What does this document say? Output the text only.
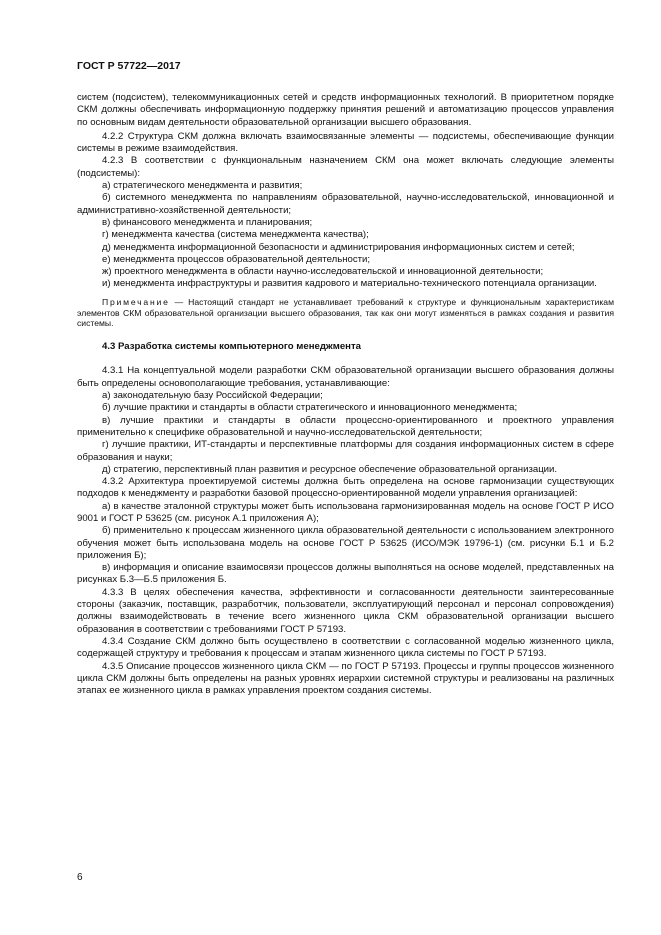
ГОСТ Р 57722—2017

систем (подсистем), телекоммуникационных сетей и средств информационных технологий. В приоритетном порядке СКМ должны обеспечивать информационную поддержку принятия решений и автоматизацию процессов управления по основным видам деятельности образовательной организации высшего образования.

4.2.2 Структура СКМ должна включать взаимосвязанные элементы — подсистемы, обеспечивающие функции системы в режиме взаимодействия.

4.2.3 В соответствии с функциональным назначением СКМ она может включать следующие элементы (подсистемы):

а) стратегического менеджмента и развития;

б) системного менеджмента по направлениям образовательной, научно-исследовательской, инновационной и административно-хозяйственной деятельности;

в) финансового менеджмента и планирования;

г) менеджмента качества (система менеджмента качества);

д) менеджмента информационной безопасности и администрирования информационных систем и сетей;

е) менеджмента процессов образовательной деятельности;

ж) проектного менеджмента в области научно-исследовательской и инновационной деятельности;

и) менеджмента инфраструктуры и развития кадрового и материально-технического потенциала организации.

Примечание — Настоящий стандарт не устанавливает требований к структуре и функциональным характеристикам элементов СКМ образовательной организации высшего образования, так как они могут изменяться в рамках создания и развития системы.

4.3 Разработка системы компьютерного менеджмента

4.3.1 На концептуальной модели разработки СКМ образовательной организации высшего образования должны быть определены основополагающие требования, устанавливающие:

а) законодательную базу Российской Федерации;

б) лучшие практики и стандарты в области стратегического и инновационного менеджмента;

в) лучшие практики и стандарты в области процессно-ориентированного и проектного управления применительно к специфике образовательной и научно-исследовательской деятельности;

г) лучшие практики, ИТ-стандарты и перспективные платформы для создания информационных систем в сфере образования и науки;

д) стратегию, перспективный план развития и ресурсное обеспечение образовательной организации.

4.3.2 Архитектура проектируемой системы должна быть определена на основе гармонизации существующих подходов к менеджменту и разработки базовой процессно-ориентированной модели управления организацией:

а) в качестве эталонной структуры может быть использована гармонизированная модель на основе ГОСТ Р ИСО 9001 и ГОСТ Р 53625 (см. рисунок А.1 приложения А);

б) применительно к процессам жизненного цикла образовательной деятельности с использованием электронного обучения может быть использована модель на основе ГОСТ Р 53625 (ИСО/МЭК 19796-1) (см. рисунки Б.1 и Б.2 приложения Б);

в) информация и описание взаимосвязи процессов должны выполняться на основе моделей, представленных на рисунках Б.3—Б.5 приложения Б.

4.3.3 В целях обеспечения качества, эффективности и согласованности деятельности заинтересованные стороны (заказчик, поставщик, разработчик, пользователи, эксплуатирующий персонал и персонал сопровождения) должны взаимодействовать в течение всего жизненного цикла СКМ образовательной организации высшего образования в соответствии с требованиями ГОСТ Р 57193.

4.3.4 Создание СКМ должно быть осуществлено в соответствии с согласованной моделью жизненного цикла, содержащей структуру и требования к процессам и этапам жизненного цикла системы по ГОСТ Р 57193.

4.3.5 Описание процессов жизненного цикла СКМ — по ГОСТ Р 57193. Процессы и группы процессов жизненного цикла СКМ должны быть определены на разных уровнях иерархии системной структуры и реализованы на различных этапах ее жизненного цикла в рамках управления проектом создания системы.

6
